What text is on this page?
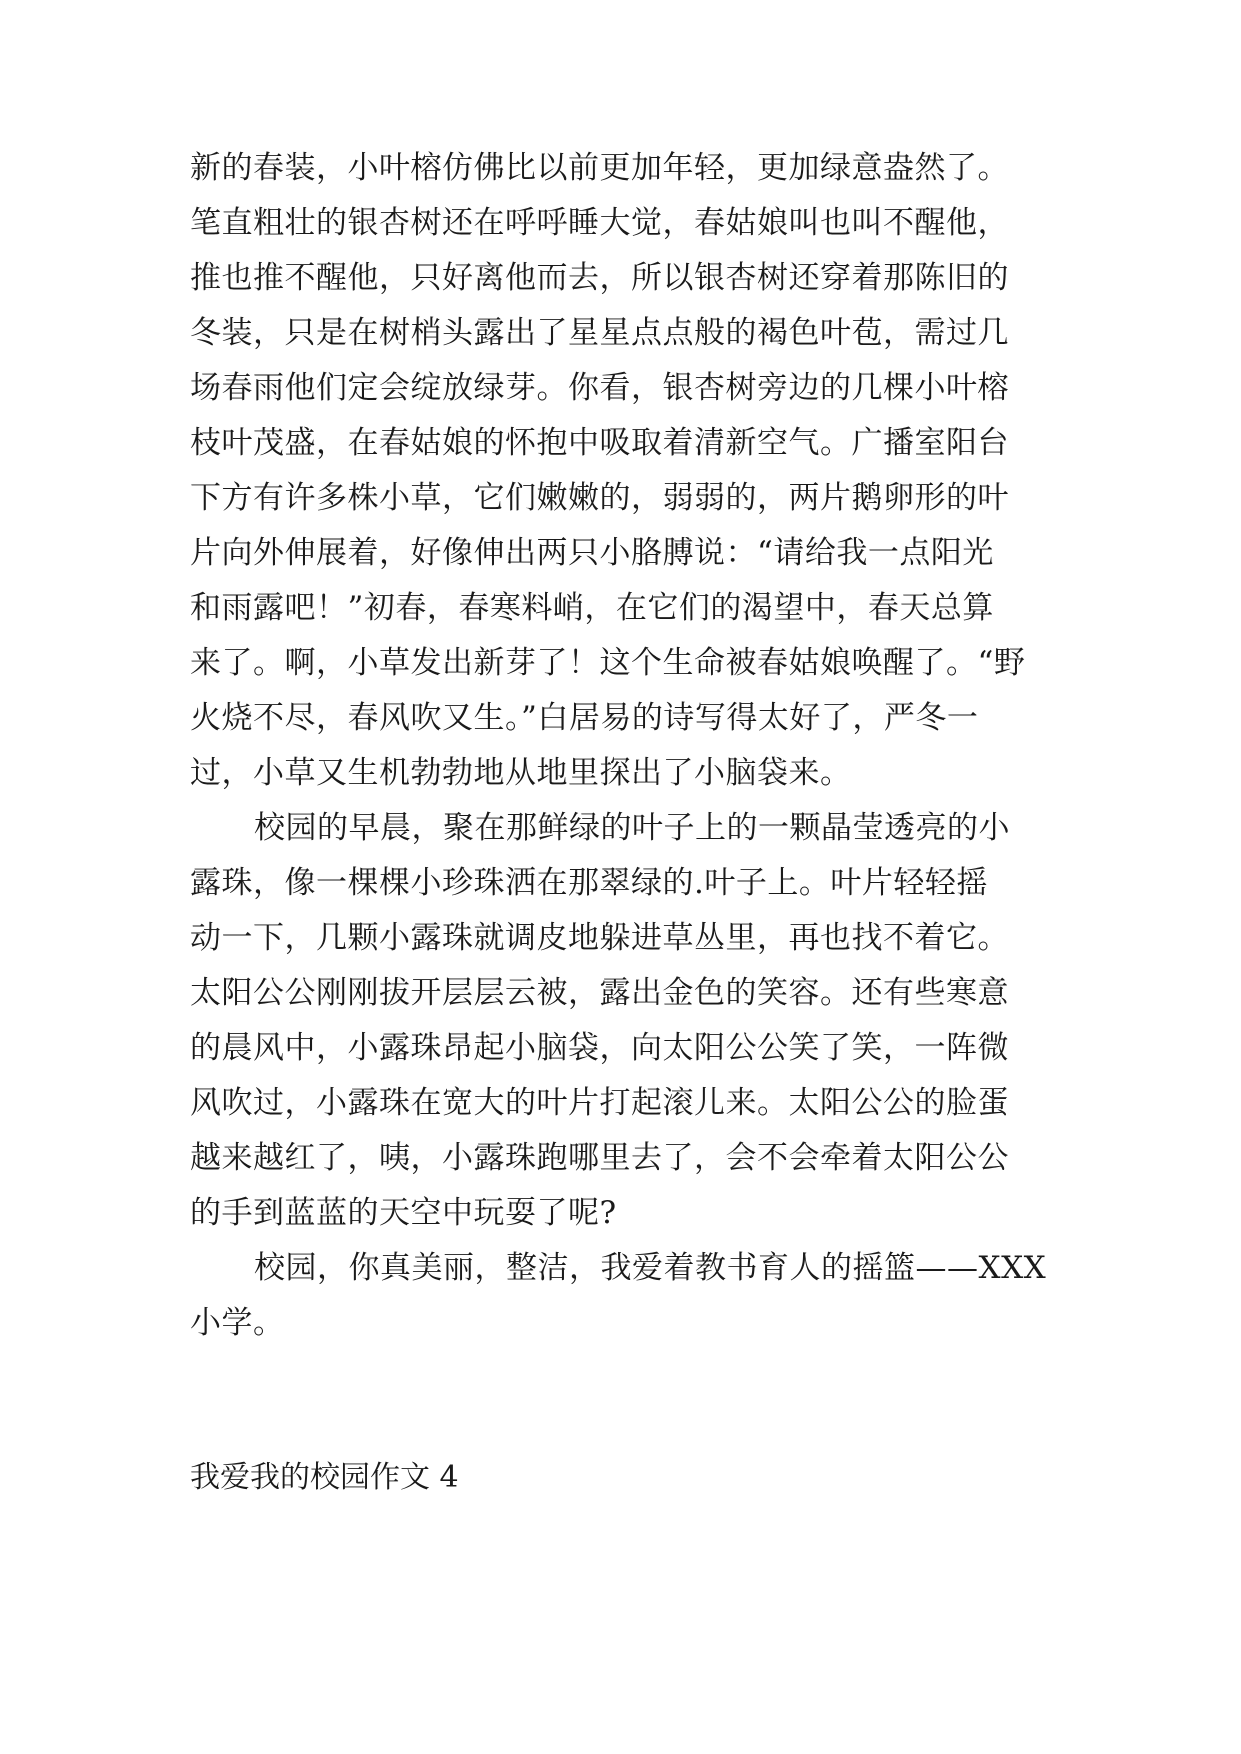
新的春装，小叶榕仿佛比以前更加年轻，更加绿意盎然了。
笔直粗壮的银杏树还在呼呼睡大觉，春姑娘叫也叫不醒他，
推也推不醒他，只好离他而去，所以银杏树还穿着那陈旧的
冬装，只是在树梢头露出了星星点点般的褐色叶苞，需过几
场春雨他们定会绽放绿芽。你看，银杏树旁边的几棵小叶榕
枝叶茂盛，在春姑娘的怀抱中吸取着清新空气。广播室阳台
下方有许多株小草，它们嫩嫩的，弱弱的，两片鹅卵形的叶
片向外伸展着，好像伸出两只小胳膊说：“请给我一点阳光
和雨露吧！”初春，春寒料峭，在它们的渴望中，春天总算
来了。啊，小草发出新芽了！这个生命被春姑娘唤醒了。“野
火烧不尽，春风吹又生。”白居易的诗写得太好了，严冬一
过，小草又生机勃勃地从地里探出了小脑袋来。
校园的早晨，聚在那鲜绿的叶子上的一颗晶莹透亮的小
露珠，像一棵棵小珍珠洒在那翠绿的.叶子上。叶片轻轻摇
动一下，几颗小露珠就调皮地躲进草丛里，再也找不着它。
太阳公公刚刚拔开层层云被，露出金色的笑容。还有些寒意
的晨风中，小露珠昂起小脑袋，向太阳公公笑了笑，一阵微
风吹过，小露珠在宽大的叶片打起滚儿来。太阳公公的脸蛋
越来越红了，咦，小露珠跑哪里去了，会不会牵着太阳公公
的手到蓝蓝的天空中玩耍了呢?
校园，你真美丽，整洁，我爱着教书育人的摇篮——XXX
小学。
我爱我的校园作文 4
